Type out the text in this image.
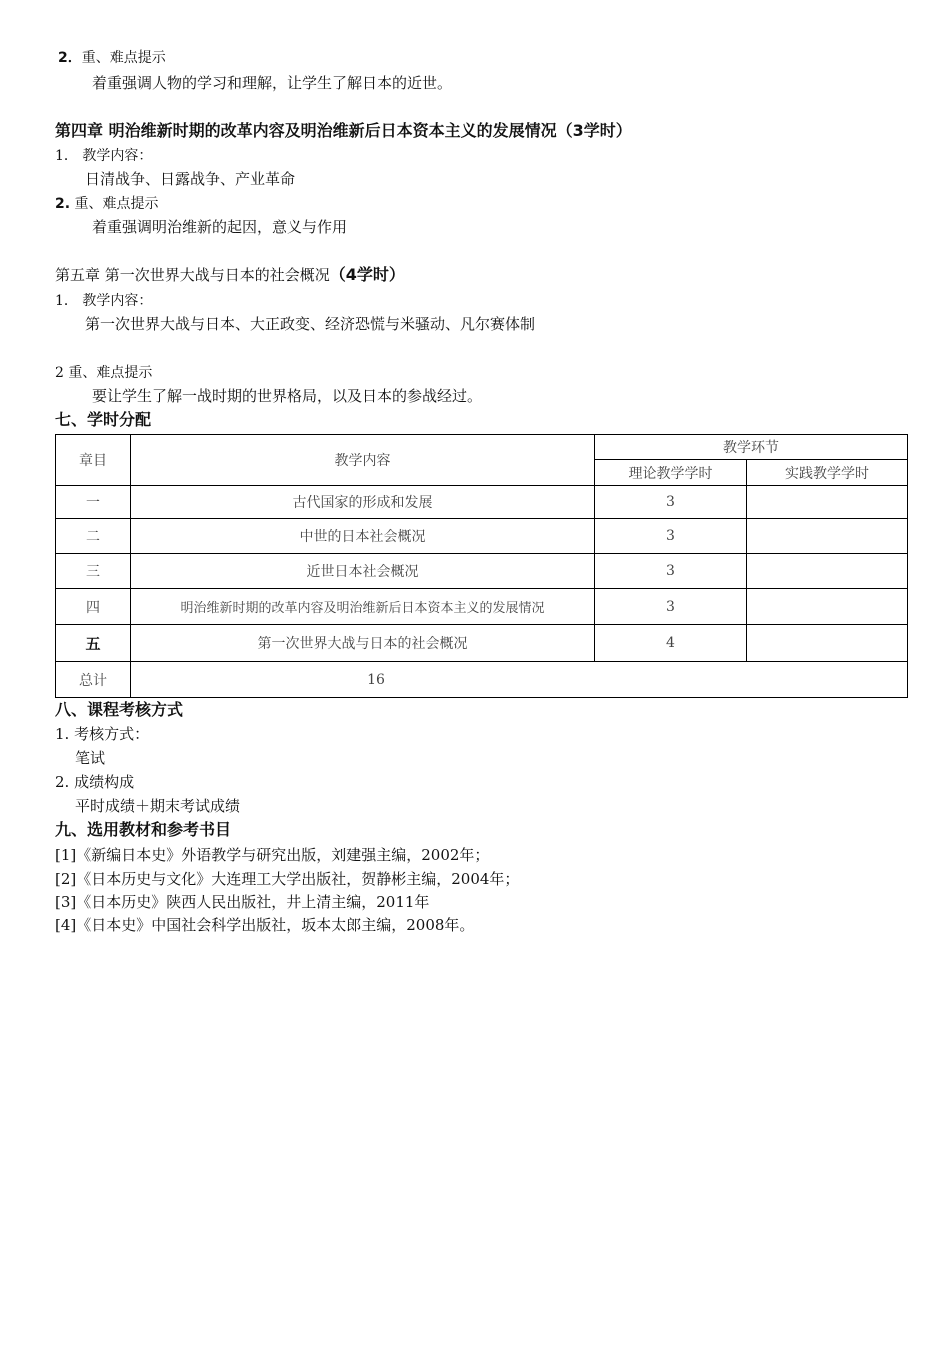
2．重、难点提示
着重强调人物的学习和理解，让学生了解日本的近世。
第四章 明治维新时期的改革内容及明治维新后日本资本主义的发展情况（3学时）
1． 教学内容：
日清战争、日露战争、产业革命
2. 重、难点提示
着重强调明治维新的起因，意义与作用
第五章 第一次世界大战与日本的社会概况（4学时）
1． 教学内容：
第一次世界大战与日本、大正政变、经济恐慌与米骚动、凡尔赛体制
2 重、难点提示
要让学生了解一战时期的世界格局，以及日本的参战经过。
七、学时分配
章目	教学内容	教学环节	
		理论教学学时	实践教学学时
一	古代国家的形成和发展	3	
二	中世的日本社会概况	3	
三	近世日本社会概况	3	
四	明治维新时期的改革内容及明治维新后日本资本主义的发展情况	3	
五	第一次世界大战与日本的社会概况	4	
总计	16		
八、课程考核方式
1. 考核方式：
笔试
2. 成绩构成
平时成绩＋期末考试成绩
九、选用教材和参考书目
[1]《新编日本史》外语教学与研究出版，刘建强主编，2002年；
[2]《日本历史与文化》大连理工大学出版社，贺静彬主编，2004年；
[3]《日本历史》陕西人民出版社，井上清主编，2011年
[4]《日本史》中国社会科学出版社，坂本太郎主编，2008年。
